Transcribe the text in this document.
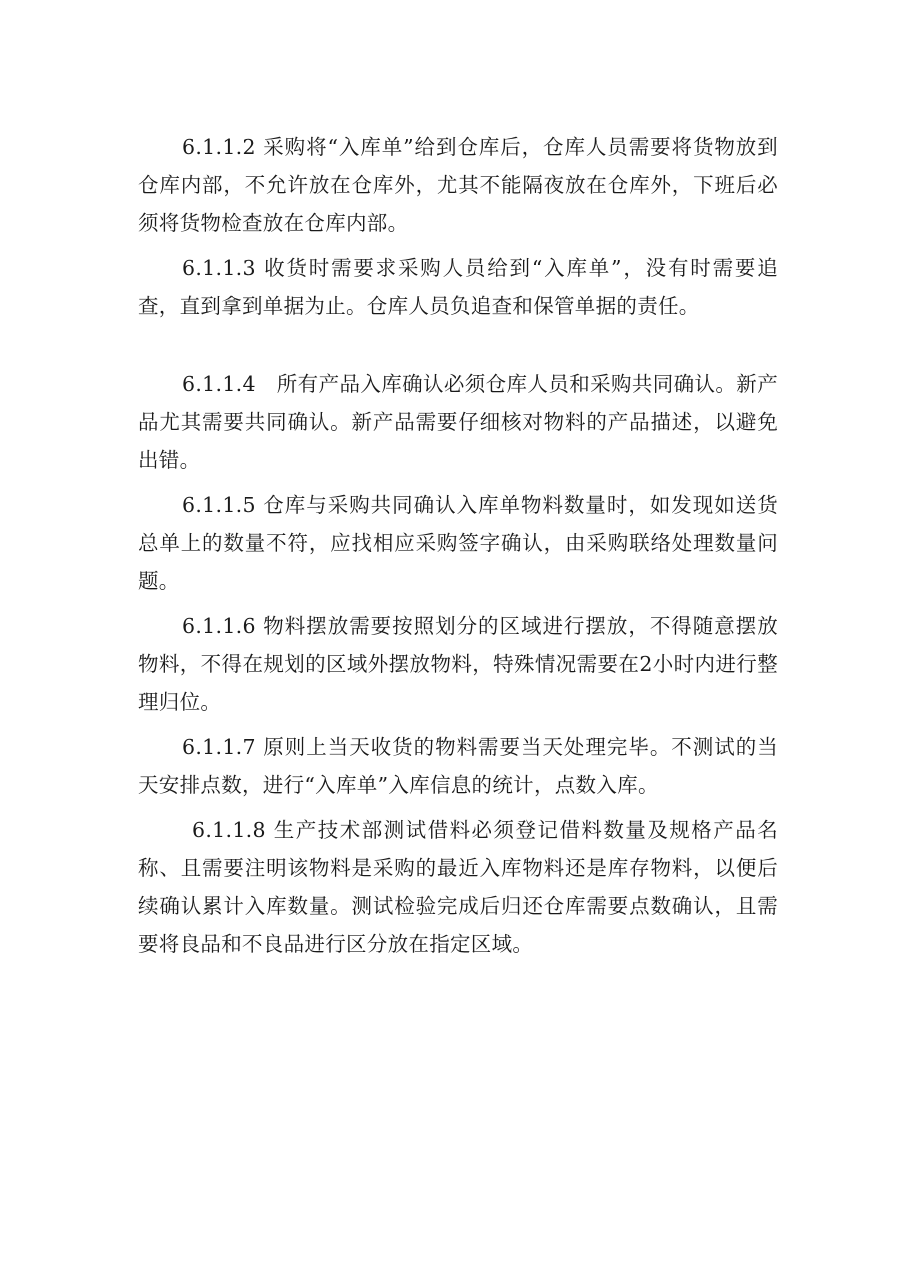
6.1.1.2 采购将“入库单”给到仓库后，仓库人员需要将货物放到仓库内部，不允许放在仓库外，尤其不能隔夜放在仓库外，下班后必须将货物检查放在仓库内部。

6.1.1.3 收货时需要求采购人员给到“入库单”，没有时需要追查，直到拿到单据为止。仓库人员负追查和保管单据的责任。

6.1.1.4　所有产品入库确认必须仓库人员和采购共同确认。新产品尤其需要共同确认。新产品需要仔细核对物料的产品描述，以避免出错。

6.1.1.5 仓库与采购共同确认入库单物料数量时，如发现如送货总单上的数量不符，应找相应采购签字确认，由采购联络处理数量问题。

6.1.1.6 物料摆放需要按照划分的区域进行摆放，不得随意摆放物料，不得在规划的区域外摆放物料，特殊情况需要在2小时内进行整理归位。

6.1.1.7 原则上当天收货的物料需要当天处理完毕。不测试的当天安排点数，进行“入库单”入库信息的统计，点数入库。

6.1.1.8 生产技术部测试借料必须登记借料数量及规格产品名称、且需要注明该物料是采购的最近入库物料还是库存物料，以便后续确认累计入库数量。测试检验完成后归还仓库需要点数确认，且需要将良品和不良品进行区分放在指定区域。
